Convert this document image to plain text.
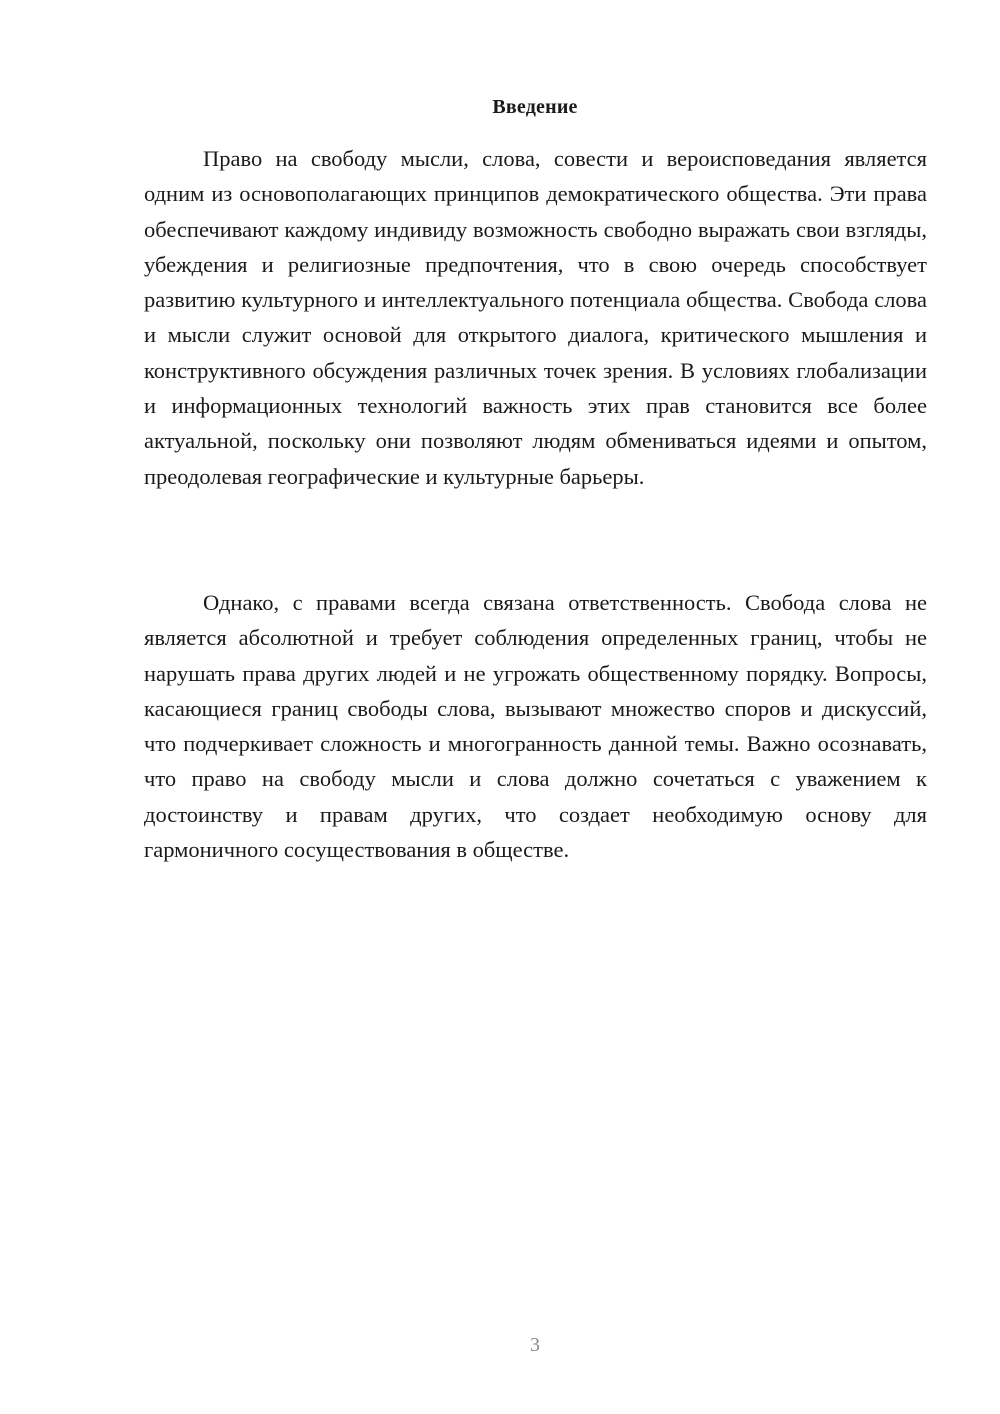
Введение

Право на свободу мысли, слова, совести и вероисповедания является одним из основополагающих принципов демократического общества. Эти права обеспечивают каждому индивиду возможность свободно выражать свои взгляды, убеждения и религиозные предпочтения, что в свою очередь способствует развитию культурного и интеллектуального потенциала общества. Свобода слова и мысли служит основой для открытого диалога, критического мышления и конструктивного обсуждения различных точек зрения. В условиях глобализации и информационных технологий важность этих прав становится все более актуальной, поскольку они позволяют людям обмениваться идеями и опытом, преодолевая географические и культурные барьеры.

Однако, с правами всегда связана ответственность. Свобода слова не является абсолютной и требует соблюдения определенных границ, чтобы не нарушать права других людей и не угрожать общественному порядку. Вопросы, касающиеся границ свободы слова, вызывают множество споров и дискуссий, что подчеркивает сложность и многогранность данной темы. Важно осознавать, что право на свободу мысли и слова должно сочетаться с уважением к достоинству и правам других, что создает необходимую основу для гармоничного сосуществования в обществе.

3
